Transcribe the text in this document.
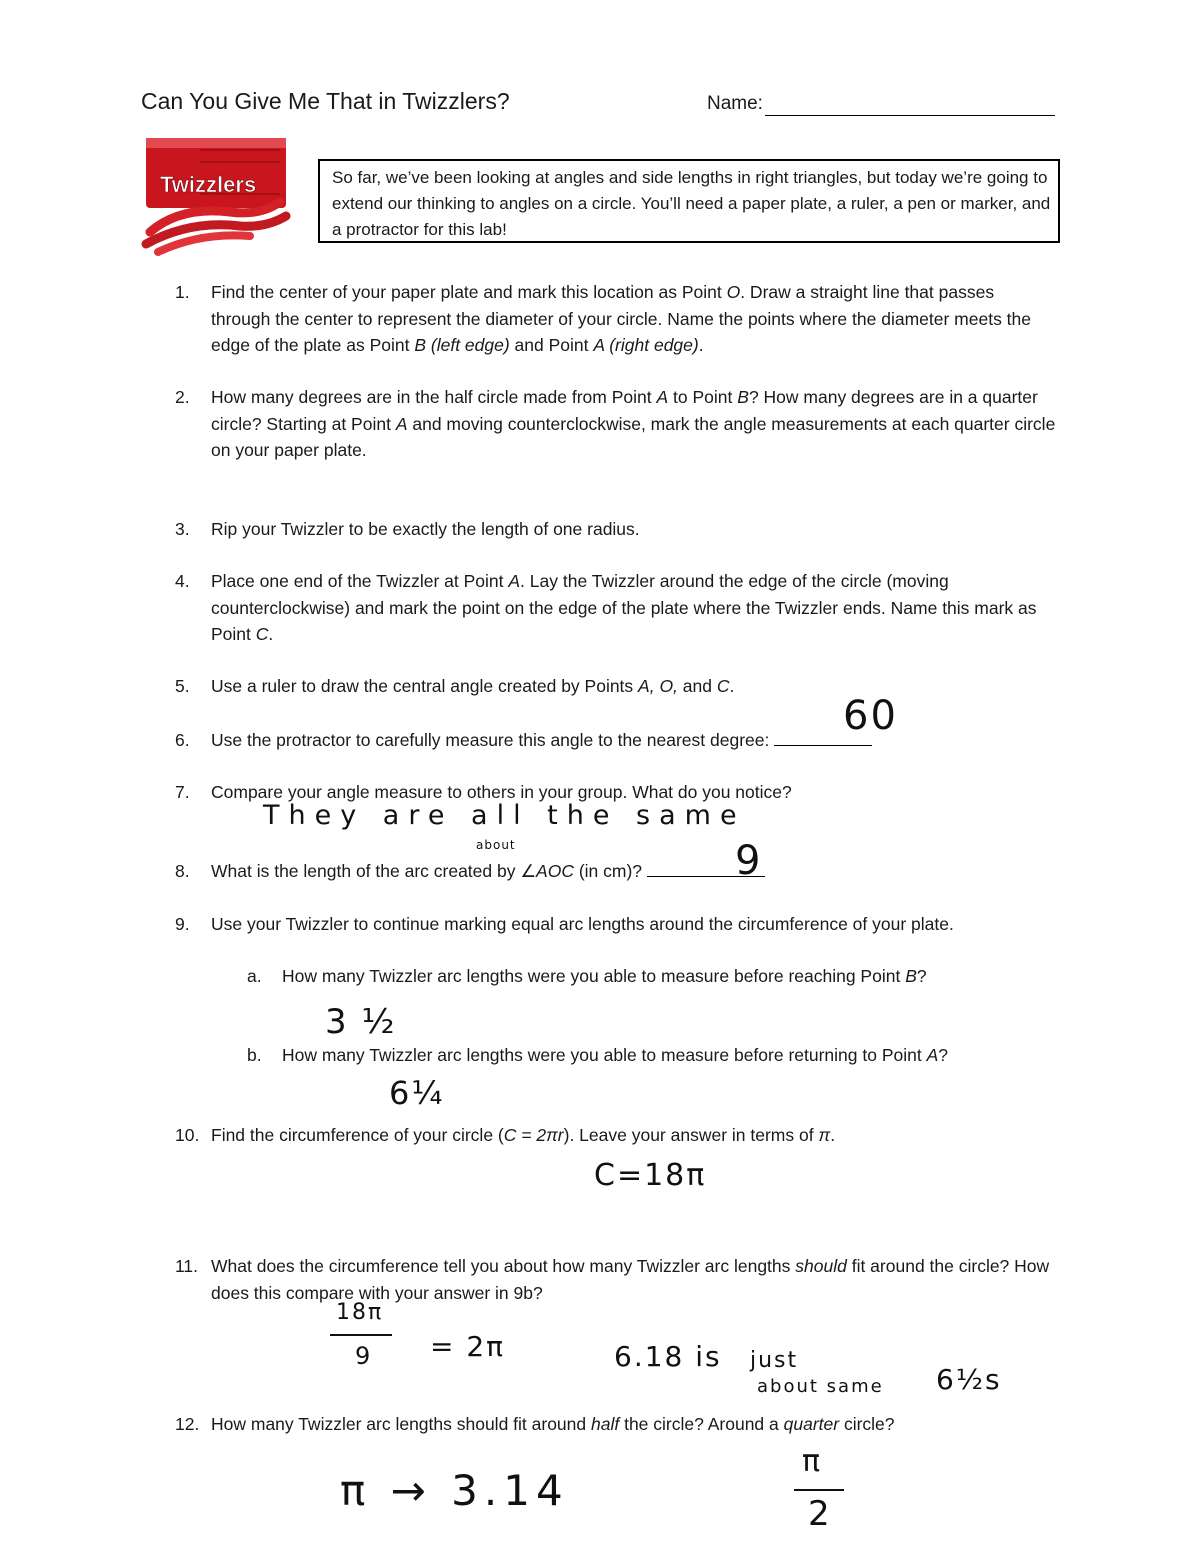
Can You Give Me That in Twizzlers?	Name:
Twizzlers	So far, we’ve been looking at angles and side lengths in right triangles, but today we’re going to extend our thinking to angles on a circle. You’ll need a paper plate, a ruler, a pen or marker, and a protractor for this lab!
1.	Find the center of your paper plate and mark this location as Point O. Draw a straight line that passes through the center to represent the diameter of your circle. Name the points where the diameter meets the edge of the plate as Point B (left edge) and Point A (right edge).
2.	How many degrees are in the half circle made from Point A to Point B? How many degrees are in a quarter circle? Starting at Point A and moving counterclockwise, mark the angle measurements at each quarter circle on your paper plate.
3.	Rip your Twizzler to be exactly the length of one radius.
4.	Place one end of the Twizzler at Point A. Lay the Twizzler around the edge of the circle (moving counterclockwise) and mark the point on the edge of the plate where the Twizzler ends. Name this mark as Point C.
5.	Use a ruler to draw the central angle created by Points A, O, and C.
6.	Use the protractor to carefully measure this angle to the nearest degree:
60
7.	Compare your angle measure to others in your group. What do you notice?
They are all the same
about
8.	What is the length of the arc created by ∠AOC (in cm)?	9
9.	Use your Twizzler to continue marking equal arc lengths around the circumference of your plate.
a. How many Twizzler arc lengths were you able to measure before reaching Point B?
3 ½
b. How many Twizzler arc lengths were you able to measure before returning to Point A?
6¼
10. Find the circumference of your circle (C = 2πr). Leave your answer in terms of π.
C=18π
11. What does the circumference tell you about how many Twizzler arc lengths should fit around the circle? How does this compare with your answer in 9b?
18π
9 = 2π	6.18 is just
about same 6½s
12. How many Twizzler arc lengths should fit around half the circle? Around a quarter circle?
π → 3.14
π
2
